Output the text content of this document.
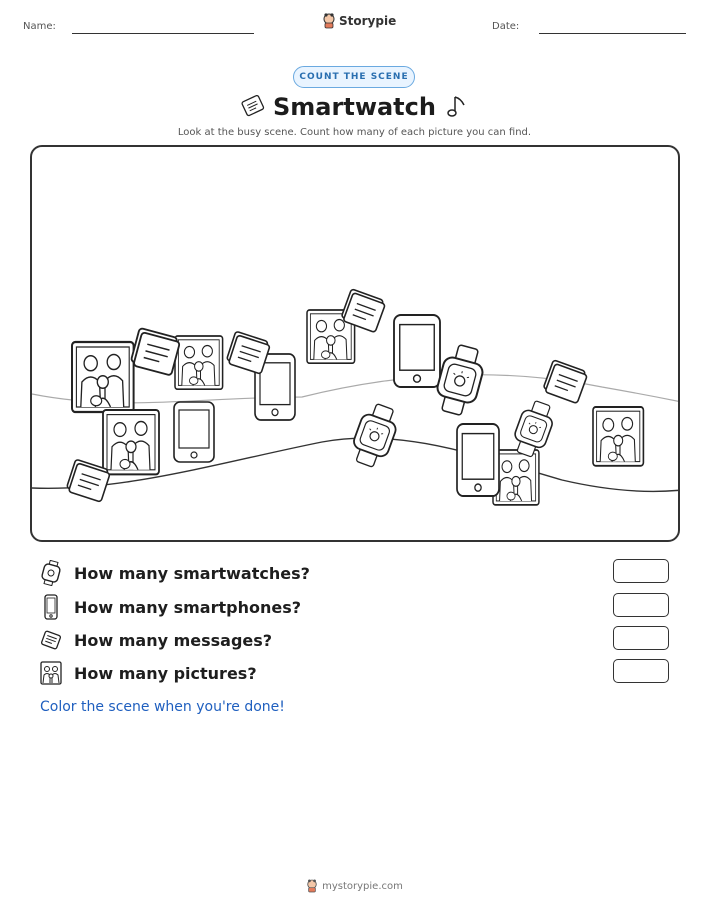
Name:	Storypie	Date:
COUNT THE SCENE
Smartwatch
Look at the busy scene. Count how many of each picture you can find.
How many smartwatches?
How many smartphones?
How many messages?
How many pictures?
Color the scene when you're done!
mystorypie.com
